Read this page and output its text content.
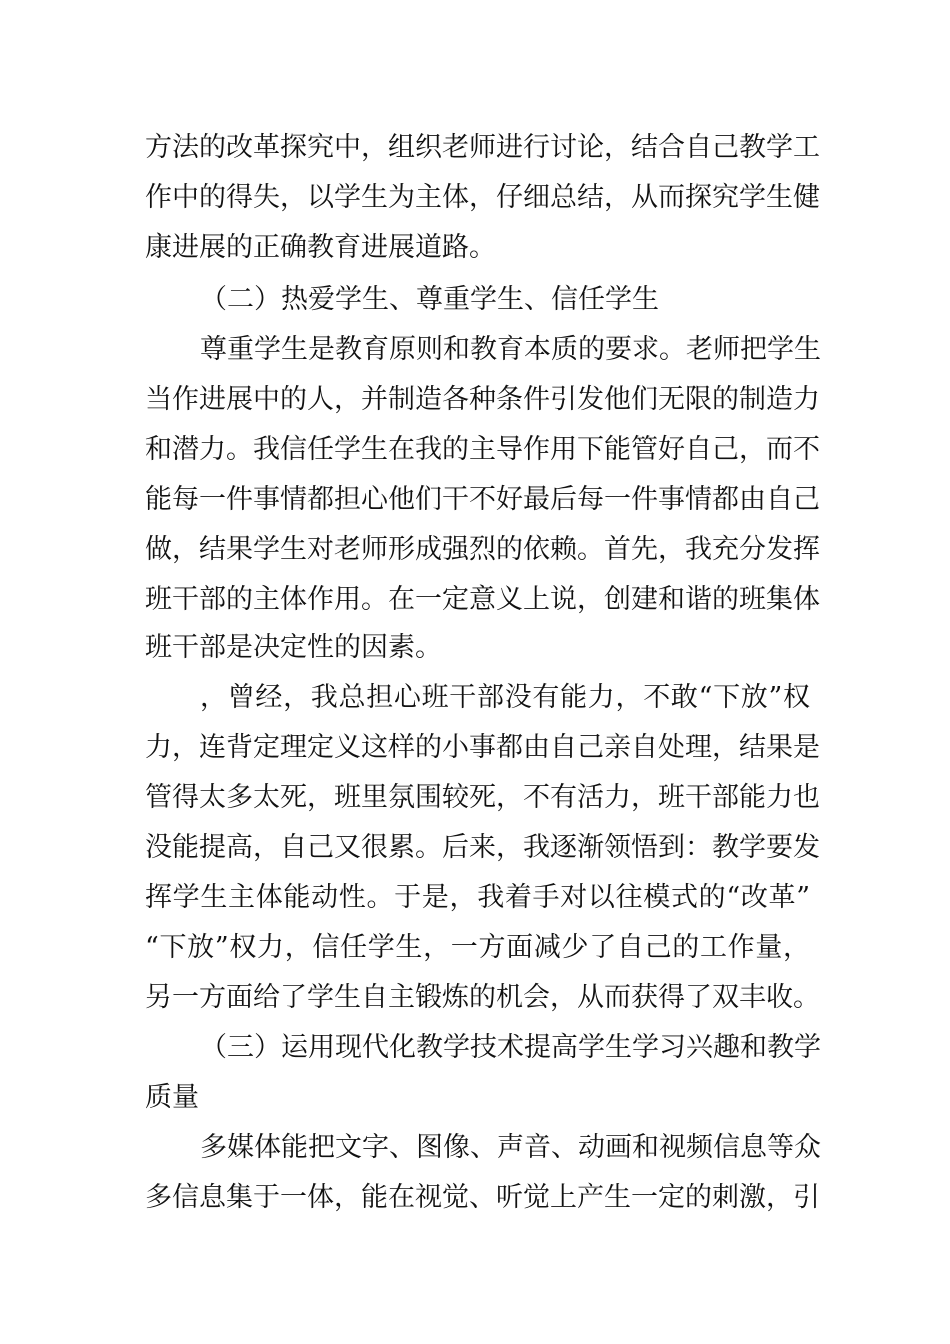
方法的改革探究中，组织老师进行讨论，结合自己教学工
作中的得失，以学生为主体，仔细总结，从而探究学生健
康进展的正确教育进展道路。
（二）热爱学生、尊重学生、信任学生
尊重学生是教育原则和教育本质的要求。老师把学生
当作进展中的人，并制造各种条件引发他们无限的制造力
和潜力。我信任学生在我的主导作用下能管好自己，而不
能每一件事情都担心他们干不好最后每一件事情都由自己
做，结果学生对老师形成强烈的依赖。首先，我充分发挥
班干部的主体作用。在一定意义上说，创建和谐的班集体
班干部是决定性的因素。
，曾经，我总担心班干部没有能力，不敢“下放”权
力，连背定理定义这样的小事都由自己亲自处理，结果是
管得太多太死，班里氛围较死，不有活力，班干部能力也
没能提高，自己又很累。后来，我逐渐领悟到：教学要发
挥学生主体能动性。于是，我着手对以往模式的“改革”
“下放”权力，信任学生，一方面减少了自己的工作量，
另一方面给了学生自主锻炼的机会，从而获得了双丰收。
（三）运用现代化教学技术提高学生学习兴趣和教学
质量
多媒体能把文字、图像、声音、动画和视频信息等众
多信息集于一体，能在视觉、听觉上产生一定的刺激，引
